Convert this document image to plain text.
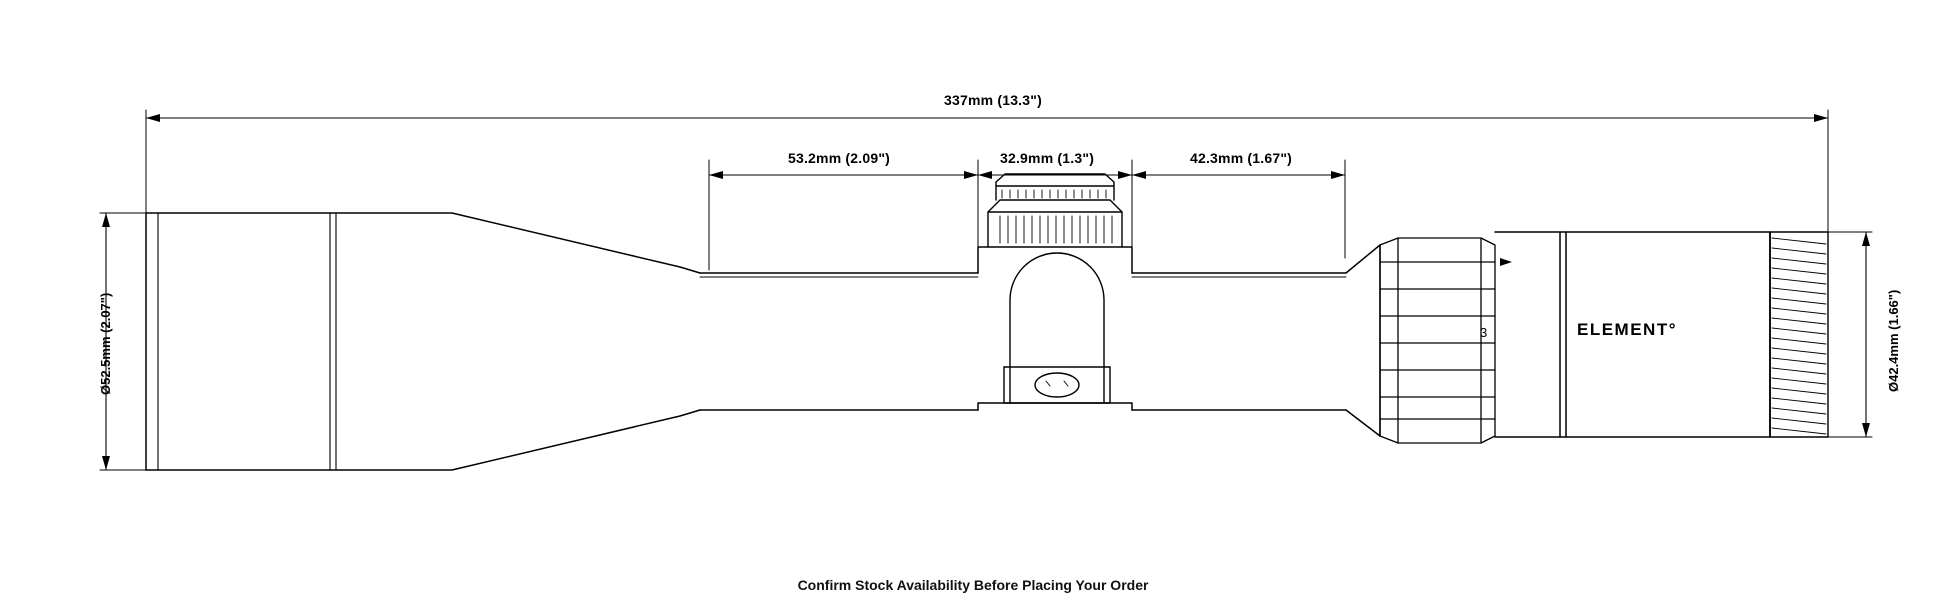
3
337mm (13.3")
53.2mm (2.09")	32.9mm (1.3")	42.3mm (1.67")
Ø52.5mm (2.07")	Ø42.4mm (1.66")
ELEMENT°
Confirm Stock Availability Before Placing Your Order
